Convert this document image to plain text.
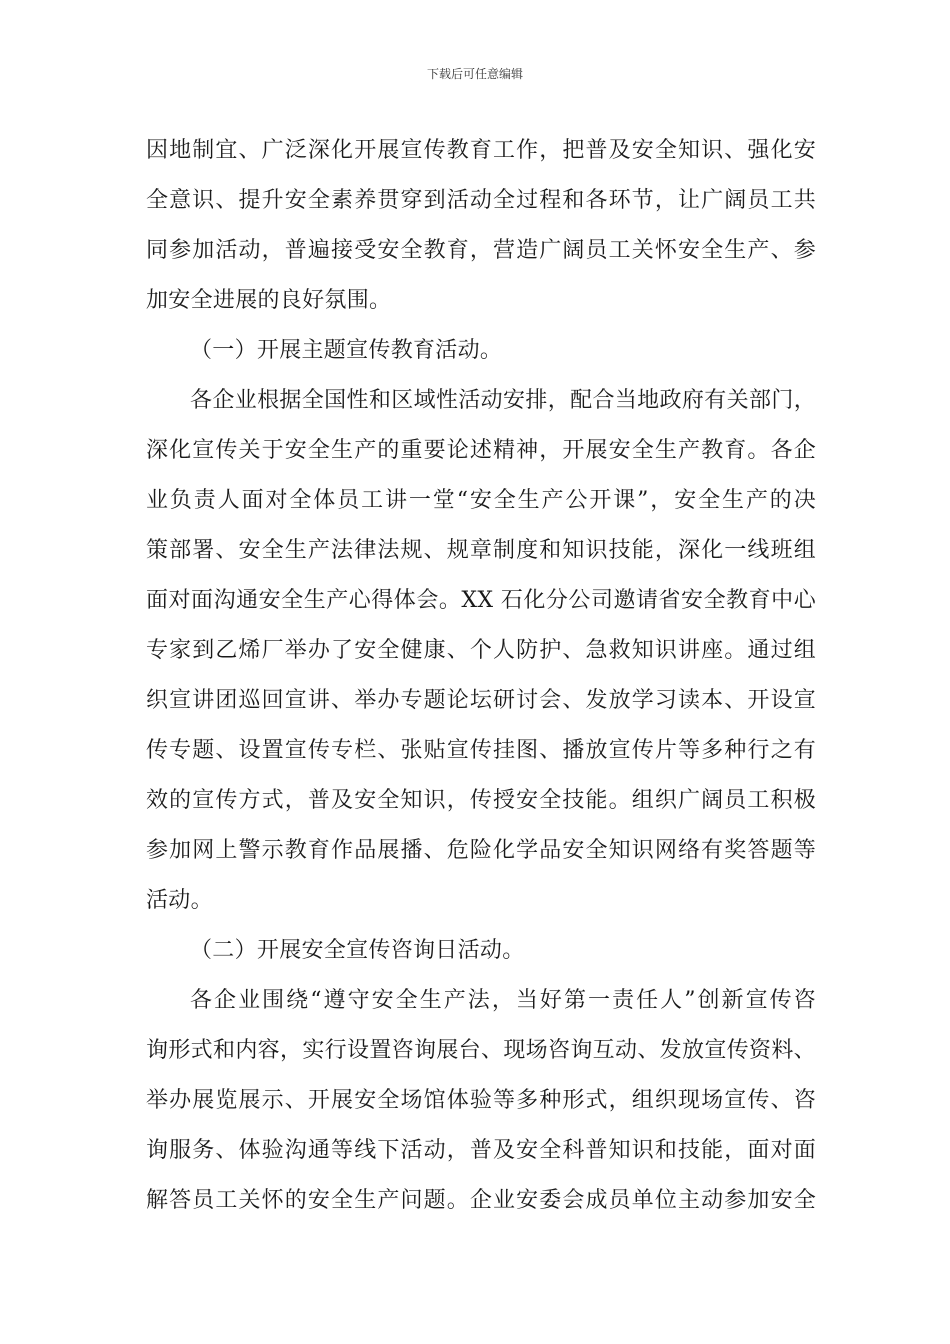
下载后可任意编辑
因地制宜、广泛深化开展宣传教育工作，把普及安全知识、强化安
全意识、提升安全素养贯穿到活动全过程和各环节，让广阔员工共
同参加活动，普遍接受安全教育，营造广阔员工关怀安全生产、参
加安全进展的良好氛围。
（一）开展主题宣传教育活动。
各企业根据全国性和区域性活动安排，配合当地政府有关部门，
深化宣传关于安全生产的重要论述精神，开展安全生产教育。各企
业负责人面对全体员工讲一堂“安全生产公开课”，安全生产的决
策部署、安全生产法律法规、规章制度和知识技能，深化一线班组
面对面沟通安全生产心得体会。XX 石化分公司邀请省安全教育中心
专家到乙烯厂举办了安全健康、个人防护、急救知识讲座。通过组
织宣讲团巡回宣讲、举办专题论坛研讨会、发放学习读本、开设宣
传专题、设置宣传专栏、张贴宣传挂图、播放宣传片等多种行之有
效的宣传方式，普及安全知识，传授安全技能。组织广阔员工积极
参加网上警示教育作品展播、危险化学品安全知识网络有奖答题等
活动。
（二）开展安全宣传咨询日活动。
各企业围绕“遵守安全生产法，当好第一责任人”创新宣传咨
询形式和内容，实行设置咨询展台、现场咨询互动、发放宣传资料、
举办展览展示、开展安全场馆体验等多种形式，组织现场宣传、咨
询服务、体验沟通等线下活动，普及安全科普知识和技能，面对面
解答员工关怀的安全生产问题。企业安委会成员单位主动参加安全
